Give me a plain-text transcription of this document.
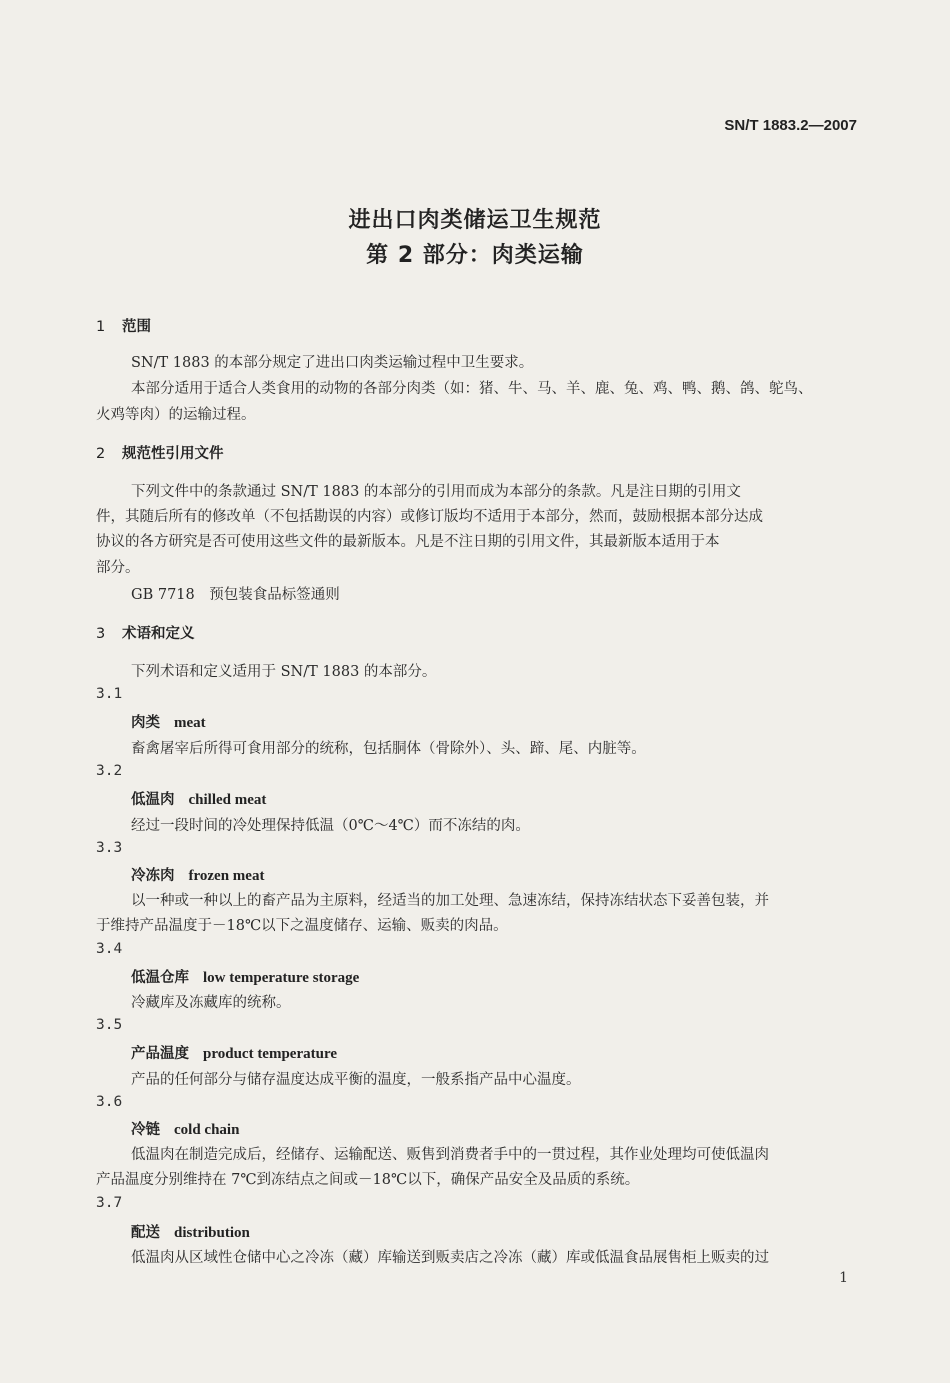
SN/T 1883.2—2007
进出口肉类储运卫生规范
第 2 部分：肉类运输
1 范围
SN/T 1883 的本部分规定了进出口肉类运输过程中卫生要求。
本部分适用于适合人类食用的动物的各部分肉类（如：猪、牛、马、羊、鹿、兔、鸡、鸭、鹅、鸽、鸵鸟、
火鸡等肉）的运输过程。
2 规范性引用文件
下列文件中的条款通过 SN/T 1883 的本部分的引用而成为本部分的条款。凡是注日期的引用文
件，其随后所有的修改单（不包括勘误的内容）或修订版均不适用于本部分，然而，鼓励根据本部分达成
协议的各方研究是否可使用这些文件的最新版本。凡是不注日期的引用文件，其最新版本适用于本
部分。
GB 7718　预包装食品标签通则
3 术语和定义
下列术语和定义适用于 SN/T 1883 的本部分。
3.1
肉类 meat
畜禽屠宰后所得可食用部分的统称，包括胴体（骨除外）、头、蹄、尾、内脏等。
3.2
低温肉 chilled meat
经过一段时间的冷处理保持低温（0℃～4℃）而不冻结的肉。
3.3
冷冻肉 frozen meat
以一种或一种以上的畜产品为主原料，经适当的加工处理、急速冻结，保持冻结状态下妥善包装，并
于维持产品温度于－18℃以下之温度储存、运输、贩卖的肉品。
3.4
低温仓库 low temperature storage
冷藏库及冻藏库的统称。
3.5
产品温度 product temperature
产品的任何部分与储存温度达成平衡的温度，一般系指产品中心温度。
3.6
冷链 cold chain
低温肉在制造完成后，经储存、运输配送、贩售到消费者手中的一贯过程，其作业处理均可使低温肉
产品温度分别维持在 7℃到冻结点之间或－18℃以下，确保产品安全及品质的系统。
3.7
配送 distribution
低温肉从区域性仓储中心之冷冻（藏）库输送到贩卖店之冷冻（藏）库或低温食品展售柜上贩卖的过
1
